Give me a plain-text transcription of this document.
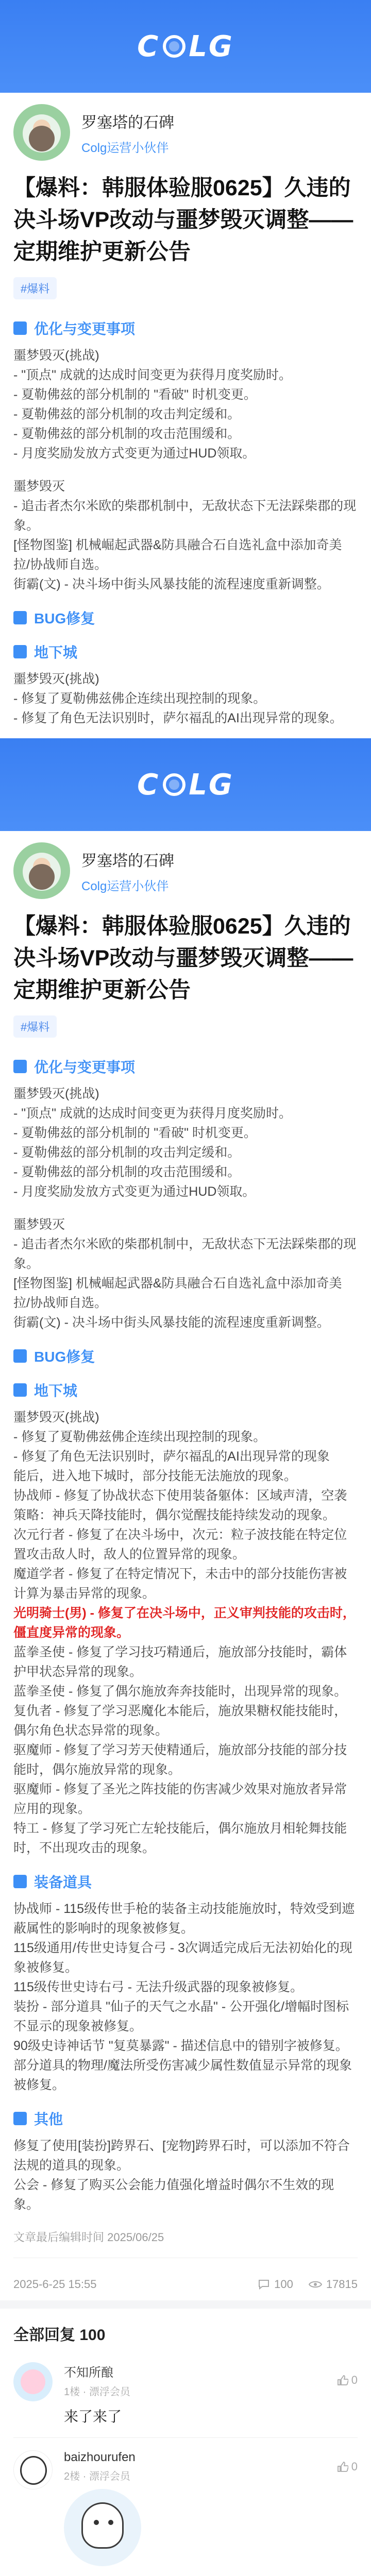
C LG
罗塞塔的石碑
Colg运营小伙伴
【爆料：韩服体验服0625】久违的决斗场VP改动与噩梦毁灭调整——定期维护更新公告
#爆料
优化与变更事项
噩梦毁灭(挑战)
- "顶点" 成就的达成时间变更为获得月度奖励时。
- 夏勒佛兹的部分机制的 "看破" 时机变更。
- 夏勒佛兹的部分机制的攻击判定缓和。
- 夏勒佛兹的部分机制的攻击范围缓和。
- 月度奖励发放方式变更为通过HUD领取。
噩梦毁灭
- 追击者杰尔米欧的柴郡机制中，无敌状态下无法踩柴郡的现象。
[怪物图鉴] 机械崛起武器&防具融合石自选礼盒中添加奇美拉/协战师自选。
街霸(文) - 决斗场中街头风暴技能的流程速度重新调整。
BUG修复
地下城
噩梦毁灭(挑战)
- 修复了夏勒佛兹佛企连续出现控制的现象。
- 修复了角色无法识别时，萨尔福乱的AI出现异常的现象。
C LG
罗塞塔的石碑
Colg运营小伙伴
【爆料：韩服体验服0625】久违的决斗场VP改动与噩梦毁灭调整——定期维护更新公告
#爆料
优化与变更事项
噩梦毁灭(挑战)
- "顶点" 成就的达成时间变更为获得月度奖励时。
- 夏勒佛兹的部分机制的 "看破" 时机变更。
- 夏勒佛兹的部分机制的攻击判定缓和。
- 夏勒佛兹的部分机制的攻击范围缓和。
- 月度奖励发放方式变更为通过HUD领取。
噩梦毁灭
- 追击者杰尔米欧的柴郡机制中，无敌状态下无法踩柴郡的现象。
[怪物图鉴] 机械崛起武器&防具融合石自选礼盒中添加奇美拉/协战师自选。
街霸(文) - 决斗场中街头风暴技能的流程速度重新调整。
BUG修复
地下城
噩梦毁灭(挑战)
- 修复了夏勒佛兹佛企连续出现控制的现象。
- 修复了角色无法识别时，萨尔福乱的AI出现异常的现象
能后，进入地下城时，部分技能无法施放的现象。
协战师 - 修复了协战状态下使用装备躯体：区域声清，空袭策略：神兵天降技能时，偶尔觉醒技能持续发动的现象。
次元行者 - 修复了在决斗场中，次元：粒子波技能在特定位置攻击敌人时，敌人的位置异常的现象。
魔道学者 - 修复了在特定情况下，未击中的部分技能伤害被计算为暴击异常的现象。
光明骑士(男) - 修复了在决斗场中，正义审判技能的攻击时，僵直度异常的现象。
蓝拳圣使 - 修复了学习技巧精通后，施放部分技能时，霸体护甲状态异常的现象。
蓝拳圣使 - 修复了偶尔施放奔奔技能时，出现异常的现象。
复仇者 - 修复了学习恶魔化本能后，施放果糖权能技能时，偶尔角色状态异常的现象。
驱魔师 - 修复了学习芳天使精通后，施放部分技能的部分技能时，偶尔施放异常的现象。
驱魔师 - 修复了圣光之阵技能的伤害减少效果对施放者异常应用的现象。
特工 - 修复了学习死亡左轮技能后，偶尔施放月相轮舞技能时，不出现攻击的现象。
装备道具
协战师 - 115级传世手枪的装备主动技能施放时，特效受到遮蔽属性的影响时的现象被修复。
115级通用/传世史诗复合弓 - 3次调适完成后无法初始化的现象被修复。
115级传世史诗右弓 - 无法升级武器的现象被修复。
装扮 - 部分道具 "仙子的天气之水晶" - 公开强化/增幅时图标不显示的现象被修复。
90级史诗神话节 "复莫暴露" - 描述信息中的错别字被修复。
部分道具的物理/魔法所受伤害减少属性数值显示异常的现象被修复。
其他
修复了使用[装扮]跨界石、[宠物]跨界石时，可以添加不符合法规的道具的现象。
公会 - 修复了购买公会能力值强化增益时偶尔不生效的现象。
文章最后编辑时间 2025/06/25
2025-6-25 15:55	100	17815
全部回复 100
不知所酿
1楼 · 漂浮会员
0
来了来了
baizhourufen
2楼 · 漂浮会员
0
